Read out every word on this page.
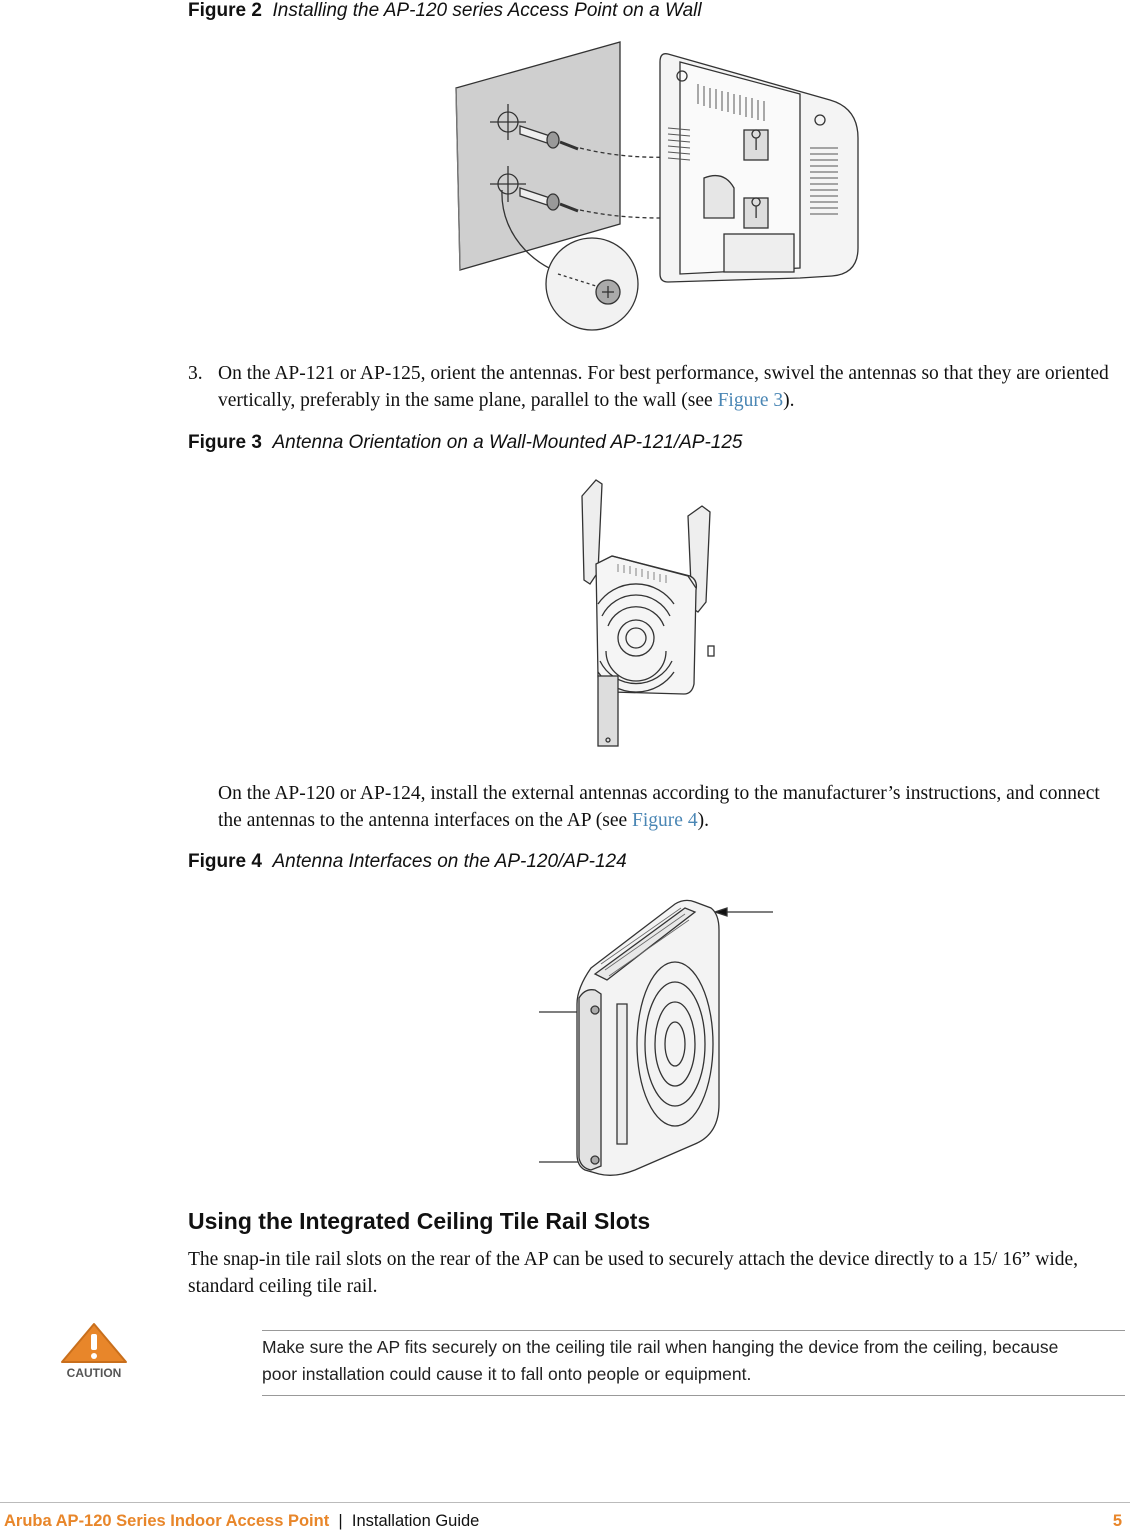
Figure 2 Installing the AP-120 series Access Point on a Wall
3. On the AP-121 or AP-125, orient the antennas. For best performance, swivel the antennas so that they are oriented vertically, preferably in the same plane, parallel to the wall (see Figure 3).
Figure 3 Antenna Orientation on a Wall-Mounted AP-121/AP-125
On the AP-120 or AP-124, install the external antennas according to the manufacturer’s instructions, and connect the antennas to the antenna interfaces on the AP (see Figure 4).
Figure 4 Antenna Interfaces on the AP-120/AP-124
Using the Integrated Ceiling Tile Rail Slots
The snap-in tile rail slots on the rear of the AP can be used to securely attach the device directly to a 15/ 16” wide, standard ceiling tile rail.
CAUTION
Make sure the AP fits securely on the ceiling tile rail when hanging the device from the ceiling, because poor installation could cause it to fall onto people or equipment.
Aruba AP-120 Series Indoor Access Point | Installation Guide	5
